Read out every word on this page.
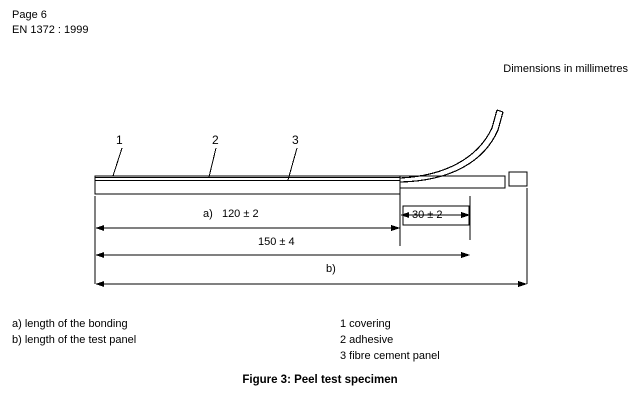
Page 6
EN 1372 : 1999
Dimensions in millimetres
1	2	3
a)   120 ± 2	30 ± 2
150 ± 4
b)
a) length of the bonding
b) length of the test panel
1 covering
2 adhesive
3 fibre cement panel
Figure 3: Peel test specimen
